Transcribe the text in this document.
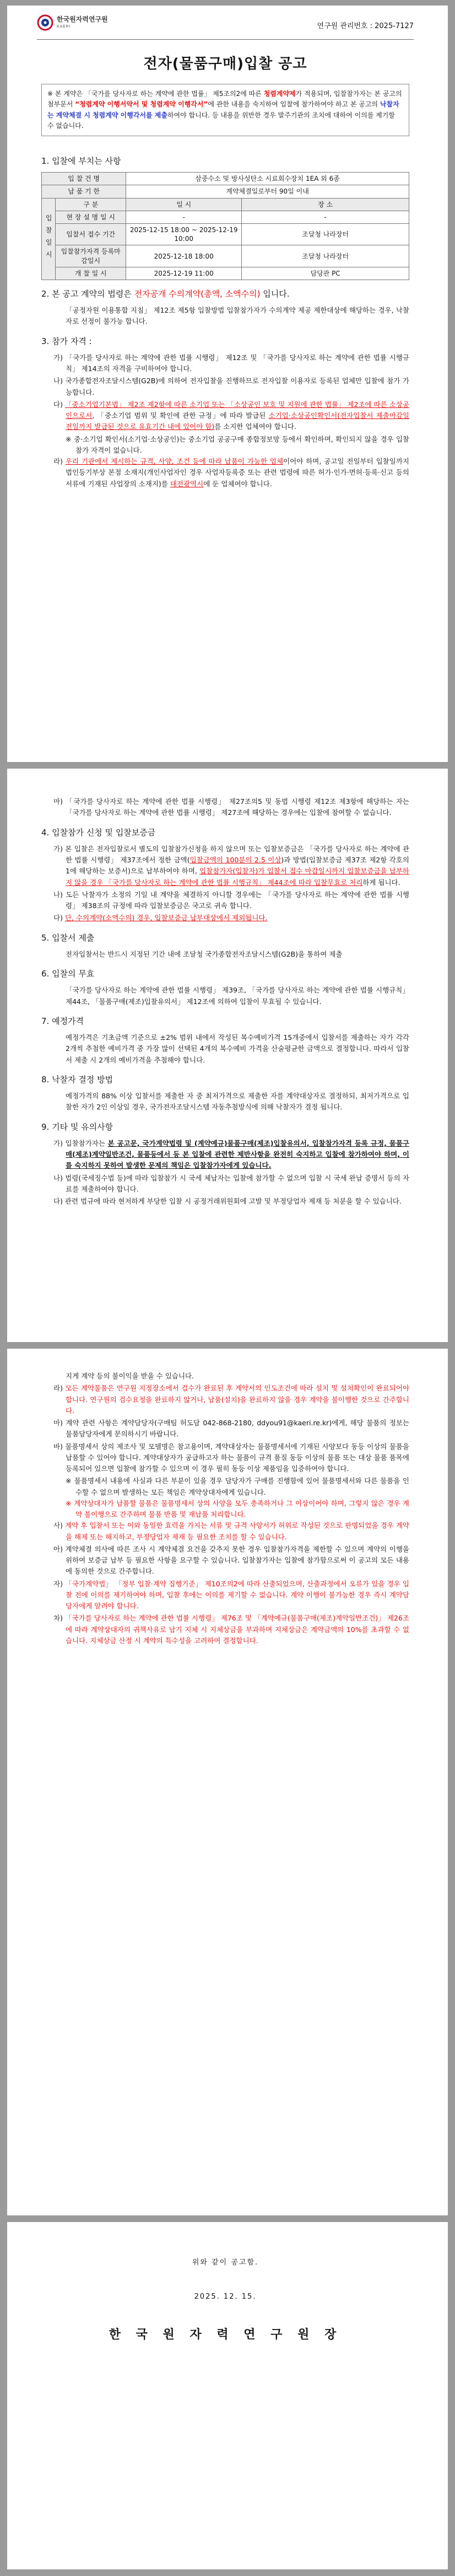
한국원자력연구원
KAERI	연구원 관리번호 : 2025-7127
전자(물품구매)입찰 공고
※ 본 계약은 「국가를 당사자로 하는 계약에 관한 법률」 제5조의2에 따른 청렴계약제가 적용되며, 입찰참가자는 본 공고의 첨부문서 “청렴계약 이행서약서 및 청렴계약 이행각서”에 관한 내용을 숙지하여 입찰에 참가하여야 하고 본 공고의 낙찰자는 계약체결 시 청렴계약 이행각서를 제출하여야 합니다. 등 내용을 위반한 경우 발주기관의 조치에 대하여 이의를 제기할 수 없습니다.
1. 입찰에 부치는 사항
입 찰 건 명		삼중수소 및 방사성탄소 시료회수장치 1EA 외 6종	
납 품 기 한		계약체결일로부터 90일 이내	
입찰일시	구 분	일 시	장 소
	현 장 설 명 일 시	-	-
	입찰서 접수 기간	2025-12-15 18:00 ~ 2025-12-19 10:00	조달청 나라장터
	입찰참가자격 등록마감일시	2025-12-18 18:00	조달청 나라장터
	개 찰 일 시	2025-12-19 11:00	담당관 PC
2. 본 공고 계약의 법령은 전자공개 수의계약(총액, 소액수의) 입니다.
「공정자원 이용통합 지침」 제12조 제5항 입찰방법 입찰참가자가 수의계약 제공 제한대상에 해당하는 경우, 낙찰자로 선정이 불가능 합니다.
3. 참가 자격 :
가) 「국가를 당사자로 하는 계약에 관한 법률 시행령」 제12조 및 「국가를 당사자로 하는 계약에 관한 법률 시행규칙」 제14조의 자격을 구비하여야 합니다.
나) 국가종합전자조달시스템(G2B)에 의하여 전자입찰을 진행하므로 전자입찰 이용자로 등록된 업체만 입찰에 참가 가능합니다.
다) 「중소기업기본법」 제2조 제2항에 따른 소기업 또는 「소상공인 보호 및 지원에 관한 법률」 제2조에 따른 소상공인으로서, 「중소기업 범위 및 확인에 관한 규정」에 따라 발급된 소기업·소상공인확인서(전자입찰서 제출마감일 전일까지 발급된 것으로 유효기간 내에 있어야 함)를 소지한 업체여야 합니다.
※ 중·소기업 확인서(소기업·소상공인)는 중소기업 공공구매 종합정보망 등에서 확인하며, 확인되지 않을 경우 입찰 참가 자격이 없습니다.
라) 우리 기관에서 제시하는 규격, 사양, 조건 등에 따라 납품이 가능한 업체이어야 하며, 공고일 전일부터 입찰일까지 법인등기부상 본점 소재지(개인사업자인 경우 사업자등록증 또는 관련 법령에 따른 허가·인가·면허·등록·신고 등의 서류에 기재된 사업장의 소재지)를 대전광역시에 둔 업체여야 합니다.
마) 「국가를 당사자로 하는 계약에 관한 법률 시행령」 제27조의5 및 동법 시행령 제12조 제3항에 해당하는 자는 「국가를 당사자로 하는 계약에 관한 법률 시행령」 제27조에 해당하는 경우에는 입찰에 참여할 수 없습니다.
4. 입찰참가 신청 및 입찰보증금
가) 본 입찰은 전자입찰로서 별도의 입찰참가신청을 하지 않으며 또는 입찰보증금은 「국가를 당사자로 하는 계약에 관한 법률 시행령」 제37조에서 정한 금액(입찰금액의 100분의 2.5 이상)과 방법(입찰보증금 제37조 제2항 각호의 1에 해당하는 보증서)으로 납부하여야 하며, 입찰참가자(입찰자)가 입찰서 접수 마감일시까지 입찰보증금을 납부하지 않을 경우 「국가를 당사자로 하는 계약에 관한 법률 시행규칙」 제44조에 따라 입찰무효로 처리하게 됩니다.
나) 도든 낙찰자가 소정의 기일 내 계약을 체결하지 아니할 경우에는 「국가를 당사자로 하는 계약에 관한 법률 시행령」 제38조의 규정에 따라 입찰보증금은 국고로 귀속 합니다.
다) 단, 수의계약(소액수의) 경우, 입찰보증금 납부대상에서 제외됩니다.
5. 입찰서 제출
전자입찰서는 반드시 지정된 기간 내에 조달청 국가종합전자조달시스템(G2B)을 통하여 제출
6. 입찰의 무효
「국가를 당사자로 하는 계약에 관한 법률 시행령」 제39조, 「국가를 당사자로 하는 계약에 관한 법률 시행규칙」 제44조, 「물품구매(제조)입찰유의서」 제12조에 의하여 입찰이 무효될 수 있습니다.
7. 예정가격
예정가격은 기초금액 기준으로 ±2% 범위 내에서 작성된 복수예비가격 15개중에서 입찰서를 제출하는 자가 각각 2개씩 추첨한 예비가격 중 가장 많이 선택된 4개의 복수예비 가격을 산술평균한 금액으로 결정합니다. 따라서 입찰서 제출 시 2개의 예비가격을 추첨해야 합니다.
8. 낙찰자 결정 방법
예정가격의 88% 이상 입찰서를 제출한 자 중 최저가격으로 제출한 자를 계약대상자로 결정하되, 최저가격으로 입찰한 자가 2인 이상일 경우, 국가전자조달시스템 자동추첨방식에 의해 낙찰자가 결정 됩니다.
9. 기타 및 유의사항
가) 입찰참가자는 본 공고문, 국가계약법령 및 (계약예규)물품구매(제조)입찰유의서, 입찰참가자격 등록 규정, 물품구매(제조)계약일반조건, 물품등에서 등 본 입찰에 관련한 제반사항을 완전히 숙지하고 입찰에 참가하여야 하며, 이를 숙지하지 못하여 발생한 문제의 책임은 입찰참가자에게 있습니다.
나) 법령(국세징수법 등)에 따라 입찰참가 시 국세 체납자는 입찰에 참가할 수 없으며 입찰 시 국세 완납 증명서 등의 자료를 제출하여야 합니다.
다) 관련 법규에 따라 현저하게 부당한 입찰 시 공정거래위원회에 고발 및 부정당업자 제재 등 처분을 할 수 있습니다.
지게 계약 등의 불이익을 받을 수 있습니다.
라) 모든 계약물품은 연구원 지정장소에서 검수가 완료된 후 계약서의 인도조건에 따라 설치 및 설치확인이 완료되어야 합니다. 연구원의 검수요청을 완료하지 않거나, 납품(설치)을 완료하지 않을 경우 계약을 불이행한 것으로 간주합니다.
마) 계약 관련 사항은 계약담당자(구매팀 허도담 042-868-2180, ddyou91@kaeri.re.kr)에게, 해당 물품의 정보는 물품담당자에게 문의하시기 바랍니다.
바) 물품명세서 상의 제조사 및 모델명은 참고용이며, 계약대상자는 물품명세서에 기재된 사양보다 동등 이상의 물품을 납품할 수 있어야 합니다. 계약대상자가 공급하고자 하는 물품이 규격 품질 동등 이상의 물품 또는 대상 물품 품목에 등록되어 있으면 입찰에 참가할 수 있으며 이 경우 필히 동등 이상 제품임을 입증하여야 합니다.
※ 물품명세서 내용에 사실과 다른 부분이 있을 경우 담당자가 구매를 진행함에 있어 물품명세서와 다른 물품을 인수할 수 없으며 발생하는 모든 책임은 계약상대자에게 있습니다.
※ 계약상대자가 납품할 물품은 물품명세서 상의 사양을 모두 충족하거나 그 이상이어야 하며, 그렇지 않은 경우 계약 불이행으로 간주하며 물품 반품 및 재납품 처리합니다.
사) 계약 후 입찰서 또는 이와 동일한 효력을 가지는 서류 및 규격 사양서가 허위로 작성된 것으로 판명되었을 경우 계약을 해제 또는 해지하고, 부정당업자 제재 등 필요한 조치를 할 수 있습니다.
아) 계약체결 의사에 따른 조사 시 계약체결 요건을 갖추지 못한 경우 입찰참가자격을 제한할 수 있으며 계약의 이행을 위하여 보증금 납부 등 필요한 사항을 요구할 수 있습니다. 입찰참가자는 입찰에 참가함으로써 이 공고의 모든 내용에 동의한 것으로 간주합니다.
자) 「국가계약법」 「정부 입찰·계약 집행기준」 제10조의2에 따라 산출되었으며, 산출과정에서 오류가 있을 경우 입찰 전에 이의를 제기하여야 하며, 입찰 후에는 이의를 제기할 수 없습니다. 계약 이행이 불가능한 경우 즉시 계약담당자에게 알려야 합니다.
차) 「국가를 당사자로 하는 계약에 관한 법률 시행령」 제76조 및 「계약예규(물품구매(제조)계약일반조건)」 제26조에 따라 계약상대자의 귀책사유로 납기 지체 시 지체상금을 부과하며 지체상금은 계약금액의 10%를 초과할 수 없습니다. 지체상금 산정 시 계약의 특수성을 고려하여 결정합니다.
위와 같이 공고함.
2025. 12. 15.
한 국 원 자 력 연 구 원 장
